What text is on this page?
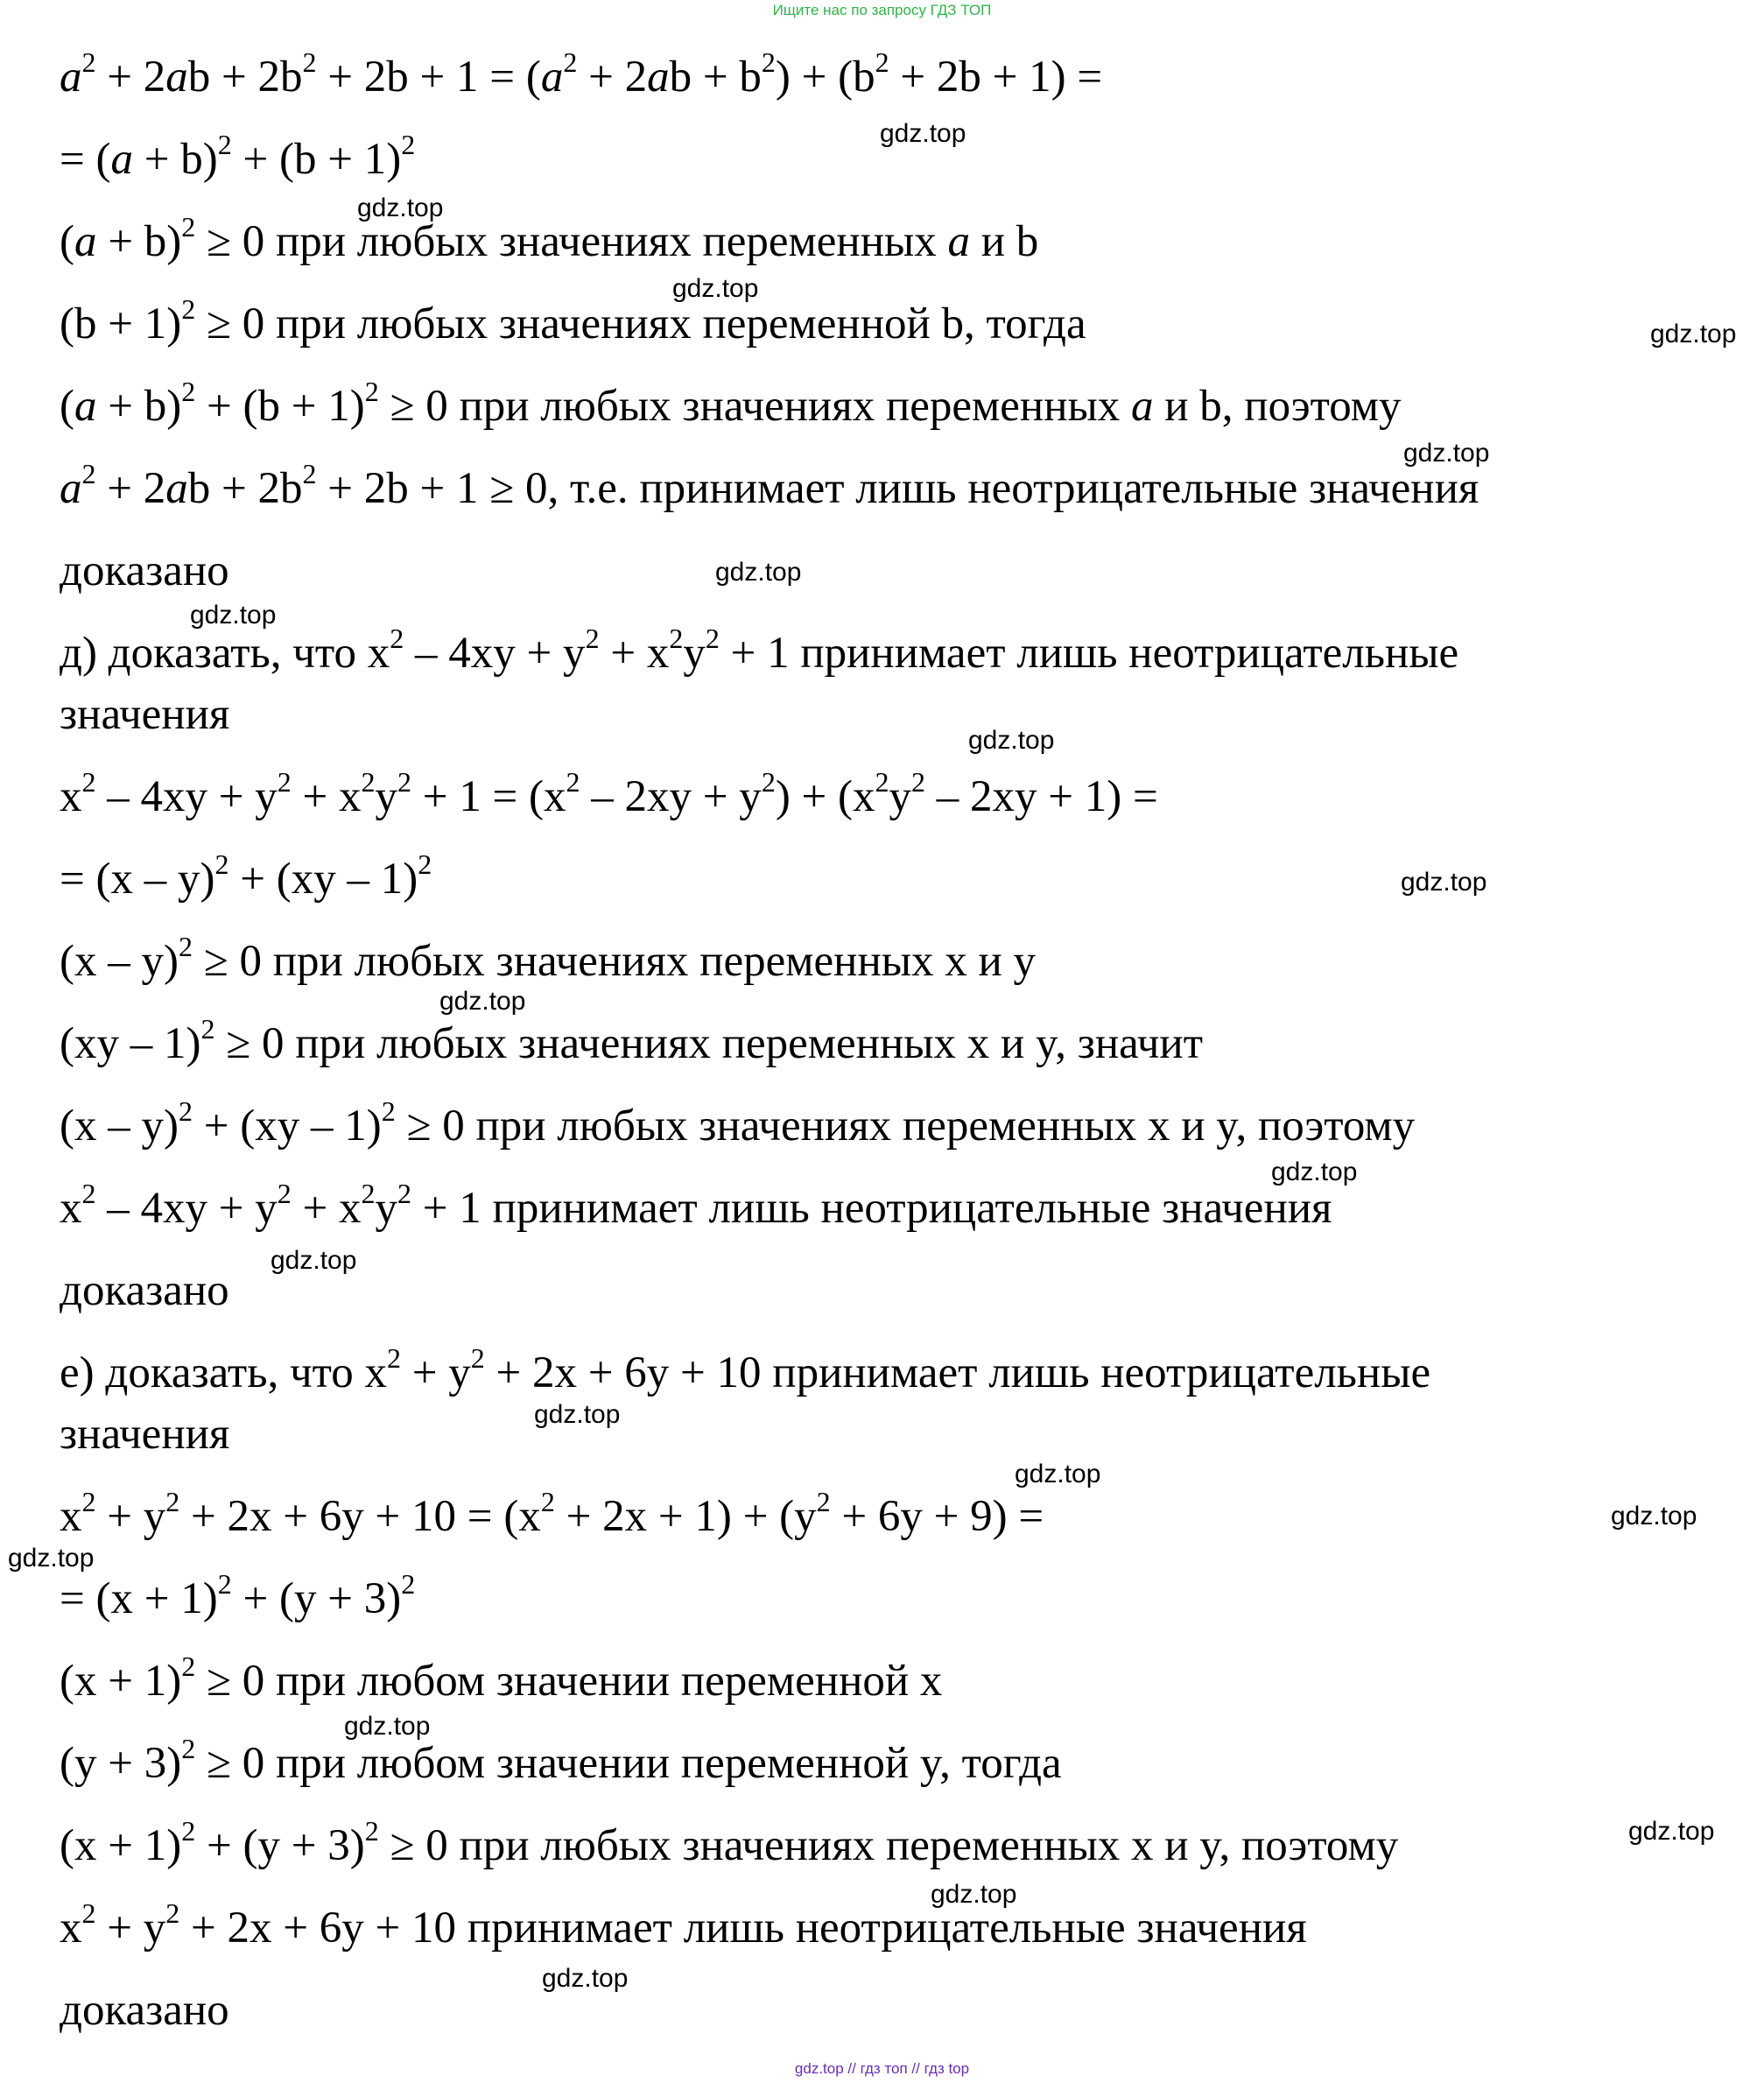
Ищите нас по запросу ГДЗ ТОП
$a^2 + 2ab + 2b^2 + 2b + 1 = (a^2 + 2ab + b^2) + (b^2 + 2b + 1)$ =
= $(a + b)^2 + (b + 1)^2$
$(a + b)^2 \ge 0$ при любых значениях переменных a и b
$(b + 1)^2 \ge 0$ при любых значениях переменной b, тогда
$(a + b)^2 + (b + 1)^2 \ge 0$ при любых значениях переменных a и b, поэтому
$a^2 + 2ab + 2b^2 + 2b + 1 \ge 0$, т.е. принимает лишь неотрицательные значения
доказано
д) доказать, что $x^2 - 4xy + y^2 + x^2y^2 + 1$ принимает лишь неотрицательные
значения
$x^2 - 4xy + y^2 + x^2y^2 + 1 = (x^2 - 2xy + y^2) + (x^2y^2 - 2xy + 1)$ =
= (x – y)$^2$ + (xy – 1)$^2$
(x – y)$^2$ ≥ 0 при любых значениях переменных x и y
(xy – 1)$^2$ ≥ 0 при любых значениях переменных x и y, значит
(x – y)$^2$ + (xy – 1)$^2$ ≥ 0 при любых значениях переменных x и y, поэтому
$x^2 - 4xy + y^2 + x^2y^2 + 1$ принимает лишь неотрицательные значения
доказано
е) доказать, что $x^2 + y^2 + 2x + 6y + 10$ принимает лишь неотрицательные
значения
$x^2 + y^2 + 2x + 6y + 10 = (x^2 + 2x + 1) + (y^2 + 6y + 9)$ =
= $(x + 1)^2 + (y + 3)^2$
$(x + 1)^2 \ge 0$ при любом значении переменной x
$(y + 3)^2 \ge 0$ при любом значении переменной y, тогда
$(x + 1)^2 + (y + 3)^2 \ge 0$ при любых значениях переменных x и y, поэтому
$x^2 + y^2 + 2x + 6y + 10$ принимает лишь неотрицательные значения
доказано
gdz.top
gdz.top
gdz.top
gdz.top
gdz.top
gdz.top
gdz.top
gdz.top
gdz.top
gdz.top
gdz.top
gdz.top
gdz.top
gdz.top
gdz.top
gdz.top
gdz.top
gdz.top
gdz.top
gdz.top
gdz.top // гдз топ // гдз top
